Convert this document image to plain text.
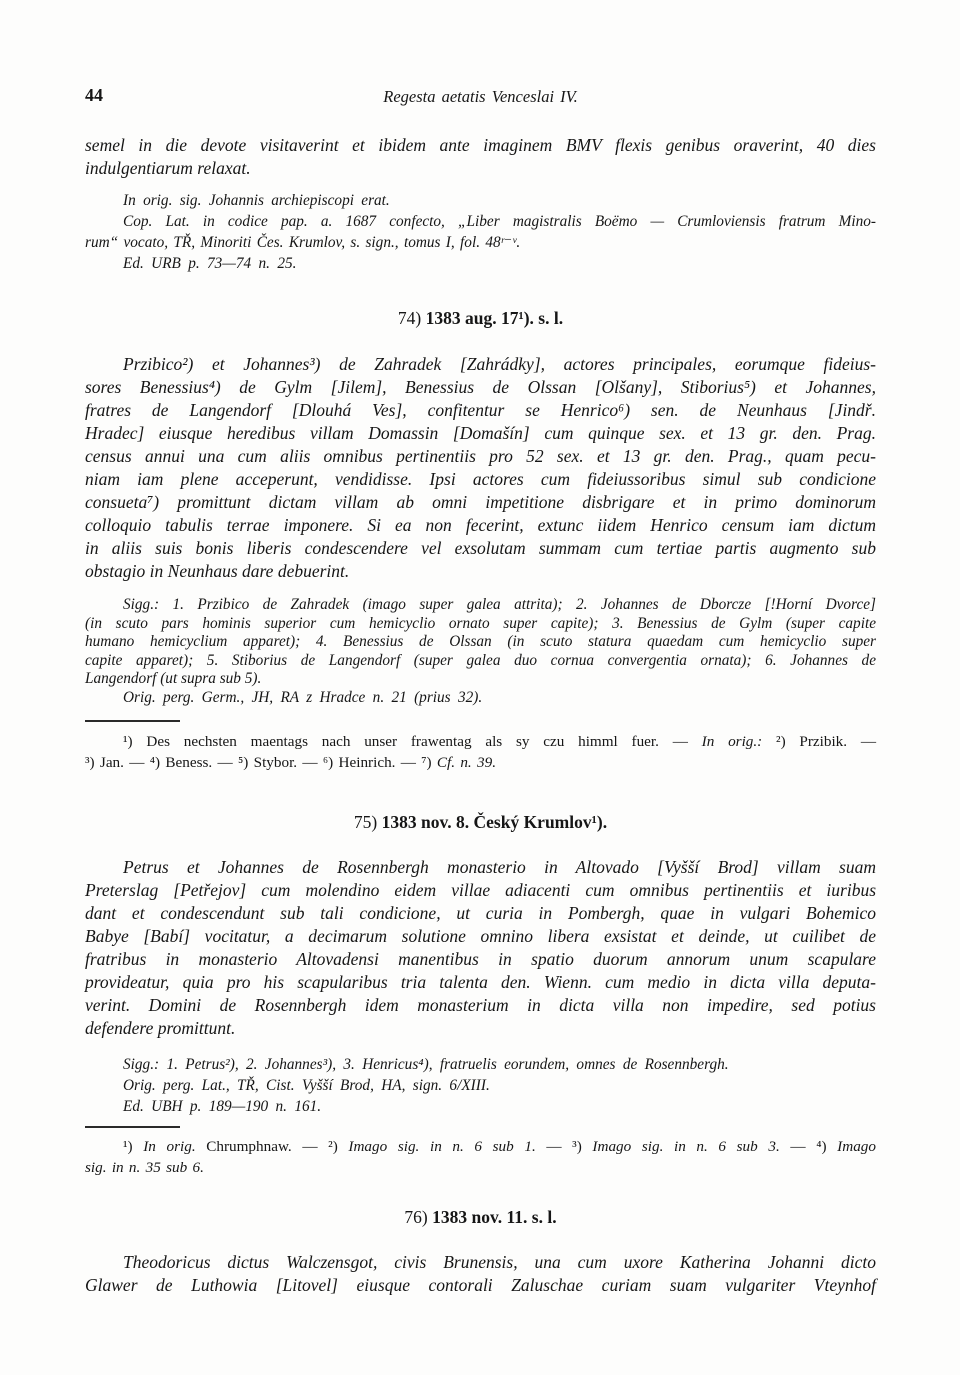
44	Regesta aetatis Venceslai IV.
semel in die devote visitaverint et ibidem ante imaginem BMV flexis genibus oraverint, 40 dies
indulgentiarum relaxat.
In orig. sig. Johannis archiepiscopi erat.
Cop. Lat. in codice pap. a. 1687 confecto, „Liber magistralis Boëmo — Crumloviensis fratrum Mino-
rum“ vocato, TŘ, Minoriti Čes. Krumlov, s. sign., tomus I, fol. 48ʳ⁻ᵛ.
Ed. URB p. 73—74 n. 25.
74) 1383 aug. 17¹). s. l.
Przibico²) et Johannes³) de Zahradek [Zahrádky], actores principales, eorumque fideius-
sores Benessius⁴) de Gylm [Jilem], Benessius de Olssan [Olšany], Stiborius⁵) et Johannes,
fratres de Langendorf [Dlouhá Ves], confitentur se Henrico⁶) sen. de Neunhaus [Jindř.
Hradec] eiusque heredibus villam Domassin [Domašín] cum quinque sex. et 13 gr. den. Prag.
census annui una cum aliis omnibus pertinentiis pro 52 sex. et 13 gr. den. Prag., quam pecu-
niam iam plene acceperunt, vendidisse. Ipsi actores cum fideiussoribus simul sub condicione
consueta⁷) promittunt dictam villam ab omni impetitione disbrigare et in primo dominorum
colloquio tabulis terrae imponere. Si ea non fecerint, extunc iidem Henrico censum iam dictum
in aliis suis bonis liberis condescendere vel exsolutam summam cum tertiae partis augmento sub
obstagio in Neunhaus dare debuerint.
Sigg.: 1. Przibico de Zahradek (imago super galea attrita); 2. Johannes de Dborcze [!Horní Dvorce]
(in scuto pars hominis superior cum hemicyclio ornato super capite); 3. Benessius de Gylm (super capite
humano hemicyclium apparet); 4. Benessius de Olssan (in scuto statura quaedam cum hemicyclio super
capite apparet); 5. Stiborius de Langendorf (super galea duo cornua convergentia ornata); 6. Johannes de
Langendorf (ut supra sub 5).
Orig. perg. Germ., JH, RA z Hradce n. 21 (prius 32).
¹) Des nechsten maentags nach unser frawentag als sy czu himml fuer. — In orig.: ²) Przibik. —
³) Jan. — ⁴) Beness. — ⁵) Stybor. — ⁶) Heinrich. — ⁷) Cf. n. 39.
75) 1383 nov. 8. Český Krumlov¹).
Petrus et Johannes de Rosennbergh monasterio in Altovado [Vyšší Brod] villam suam
Preterslag [Petřejov] cum molendino eidem villae adiacenti cum omnibus pertinentiis et iuribus
dant et condescendunt sub tali condicione, ut curia in Pombergh, quae in vulgari Bohemico
Babye [Babí] vocitatur, a decimarum solutione omnino libera exsistat et deinde, ut cuilibet de
fratribus in monasterio Altovadensi manentibus in spatio duorum annorum unum scapulare
provideatur, quia pro his scapularibus tria talenta den. Wienn. cum medio in dicta villa deputa-
verint. Domini de Rosennbergh idem monasterium in dicta villa non impedire, sed potius
defendere promittunt.
Sigg.: 1. Petrus²), 2. Johannes³), 3. Henricus⁴), fratruelis eorundem, omnes de Rosennbergh.
Orig. perg. Lat., TŘ, Cist. Vyšší Brod, HA, sign. 6/XIII.
Ed. UBH p. 189—190 n. 161.
¹) In orig. Chrumphnaw. — ²) Imago sig. in n. 6 sub 1. — ³) Imago sig. in n. 6 sub 3. — ⁴) Imago
sig. in n. 35 sub 6.
76) 1383 nov. 11. s. l.
Theodoricus dictus Walczensgot, civis Brunensis, una cum uxore Katherina Johanni dicto
Glawer de Luthowia [Litovel] eiusque contorali Zaluschae curiam suam vulgariter Vteynhof
